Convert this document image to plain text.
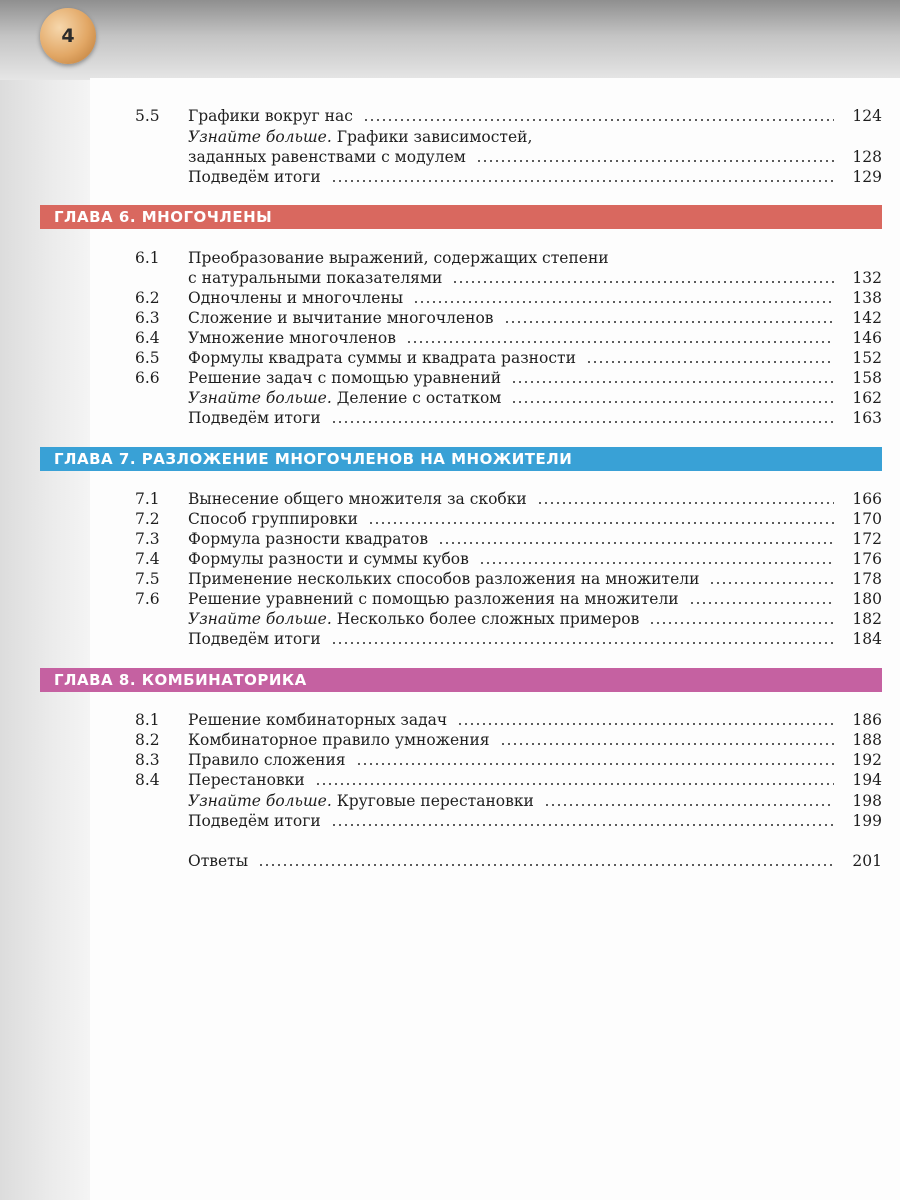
4
5.5 Графики вокруг нас	124
Узнайте больше. Графики зависимостей,
заданных равенствами с модулем	128
Подведём итоги	129
ГЛАВА 6. МНОГОЧЛЕНЫ
6.1 Преобразование выражений, содержащих степени
с натуральными показателями	132
6.2 Одночлены и многочлены	138
6.3 Сложение и вычитание многочленов	142
6.4 Умножение многочленов	146
6.5 Формулы квадрата суммы и квадрата разности	152
6.6 Решение задач с помощью уравнений	158
Узнайте больше. Деление с остатком	162
Подведём итоги	163
ГЛАВА 7. РАЗЛОЖЕНИЕ МНОГОЧЛЕНОВ НА МНОЖИТЕЛИ
7.1 Вынесение общего множителя за скобки	166
7.2 Способ группировки	170
7.3 Формула разности квадратов	172
7.4 Формулы разности и суммы кубов	176
7.5 Применение нескольких способов разложения на множители	178
7.6 Решение уравнений с помощью разложения на множители	180
Узнайте больше. Несколько более сложных примеров	182
Подведём итоги	184
ГЛАВА 8. КОМБИНАТОРИКА
8.1 Решение комбинаторных задач	186
8.2 Комбинаторное правило умножения	188
8.3 Правило сложения	192
8.4 Перестановки	194
Узнайте больше. Круговые перестановки	198
Подведём итоги	199
Ответы	201
